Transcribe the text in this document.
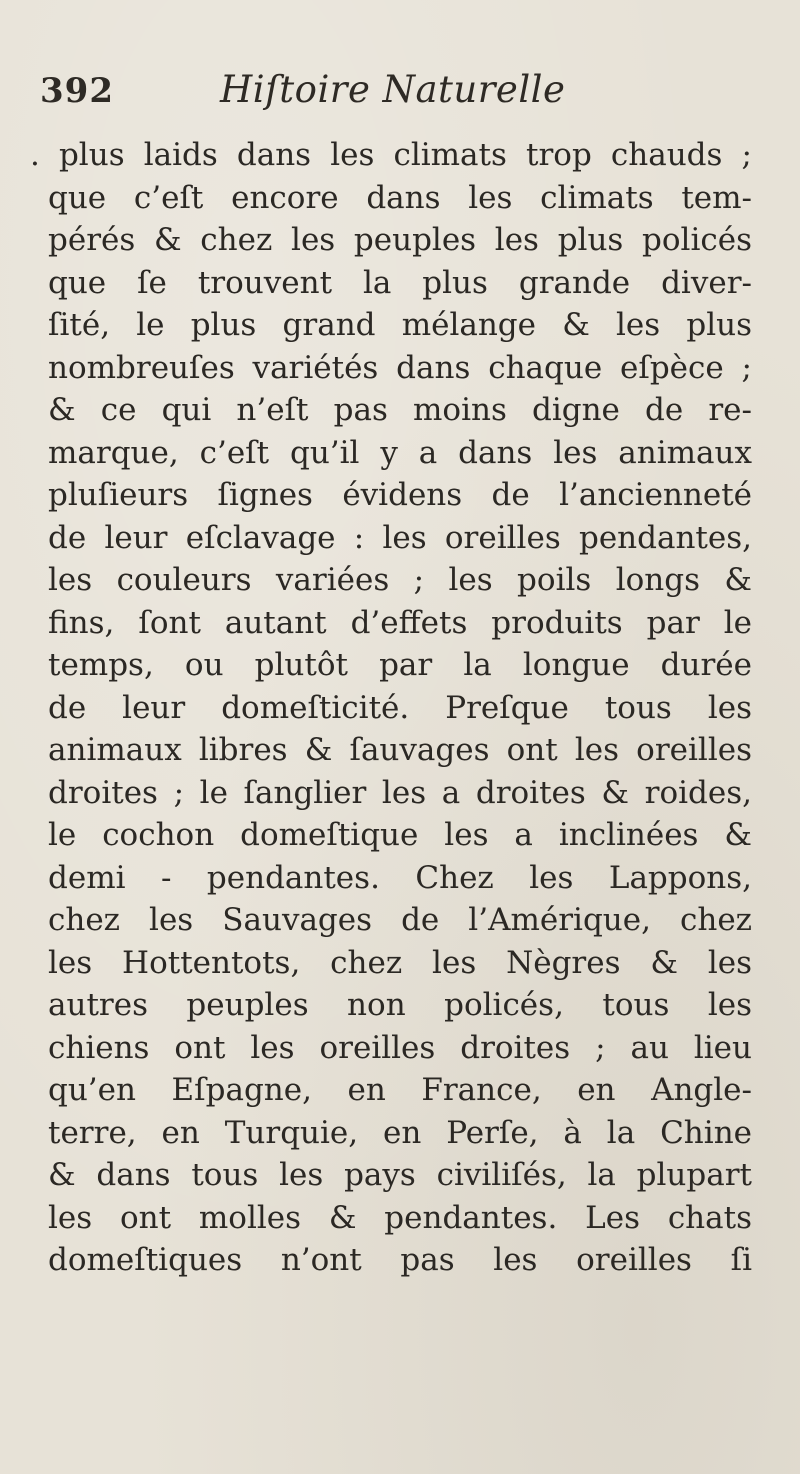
392	Hiſtoire Naturelle
. plus laids dans les climats trop chauds ;
que c’eſt encore dans les climats tem-
pérés & chez les peuples les plus policés
que ſe trouvent la plus grande diver-
ſité, le plus grand mélange & les plus
nombreuſes variétés dans chaque eſpèce ;
& ce qui n’eſt pas moins digne de re-
marque, c’eſt qu’il y a dans les animaux
pluſieurs ſignes évidens de l’ancienneté
de leur eſclavage : les oreilles pendantes,
les couleurs variées ; les poils longs &
fins, ſont autant d’effets produits par le
temps, ou plutôt par la longue durée
de leur domeſticité. Preſque tous les
animaux libres & ſauvages ont les oreilles
droites ; le ſanglier les a droites & roides,
le cochon domeſtique les a inclinées &
demi - pendantes. Chez les Lappons,
chez les Sauvages de l’Amérique, chez
les Hottentots, chez les Nègres & les
autres peuples non policés, tous les
chiens ont les oreilles droites ; au lieu
qu’en Eſpagne, en France, en Angle-
terre, en Turquie, en Perſe, à la Chine
& dans tous les pays civiliſés, la plupart
les ont molles & pendantes. Les chats
domeſtiques n’ont pas les oreilles ſi
